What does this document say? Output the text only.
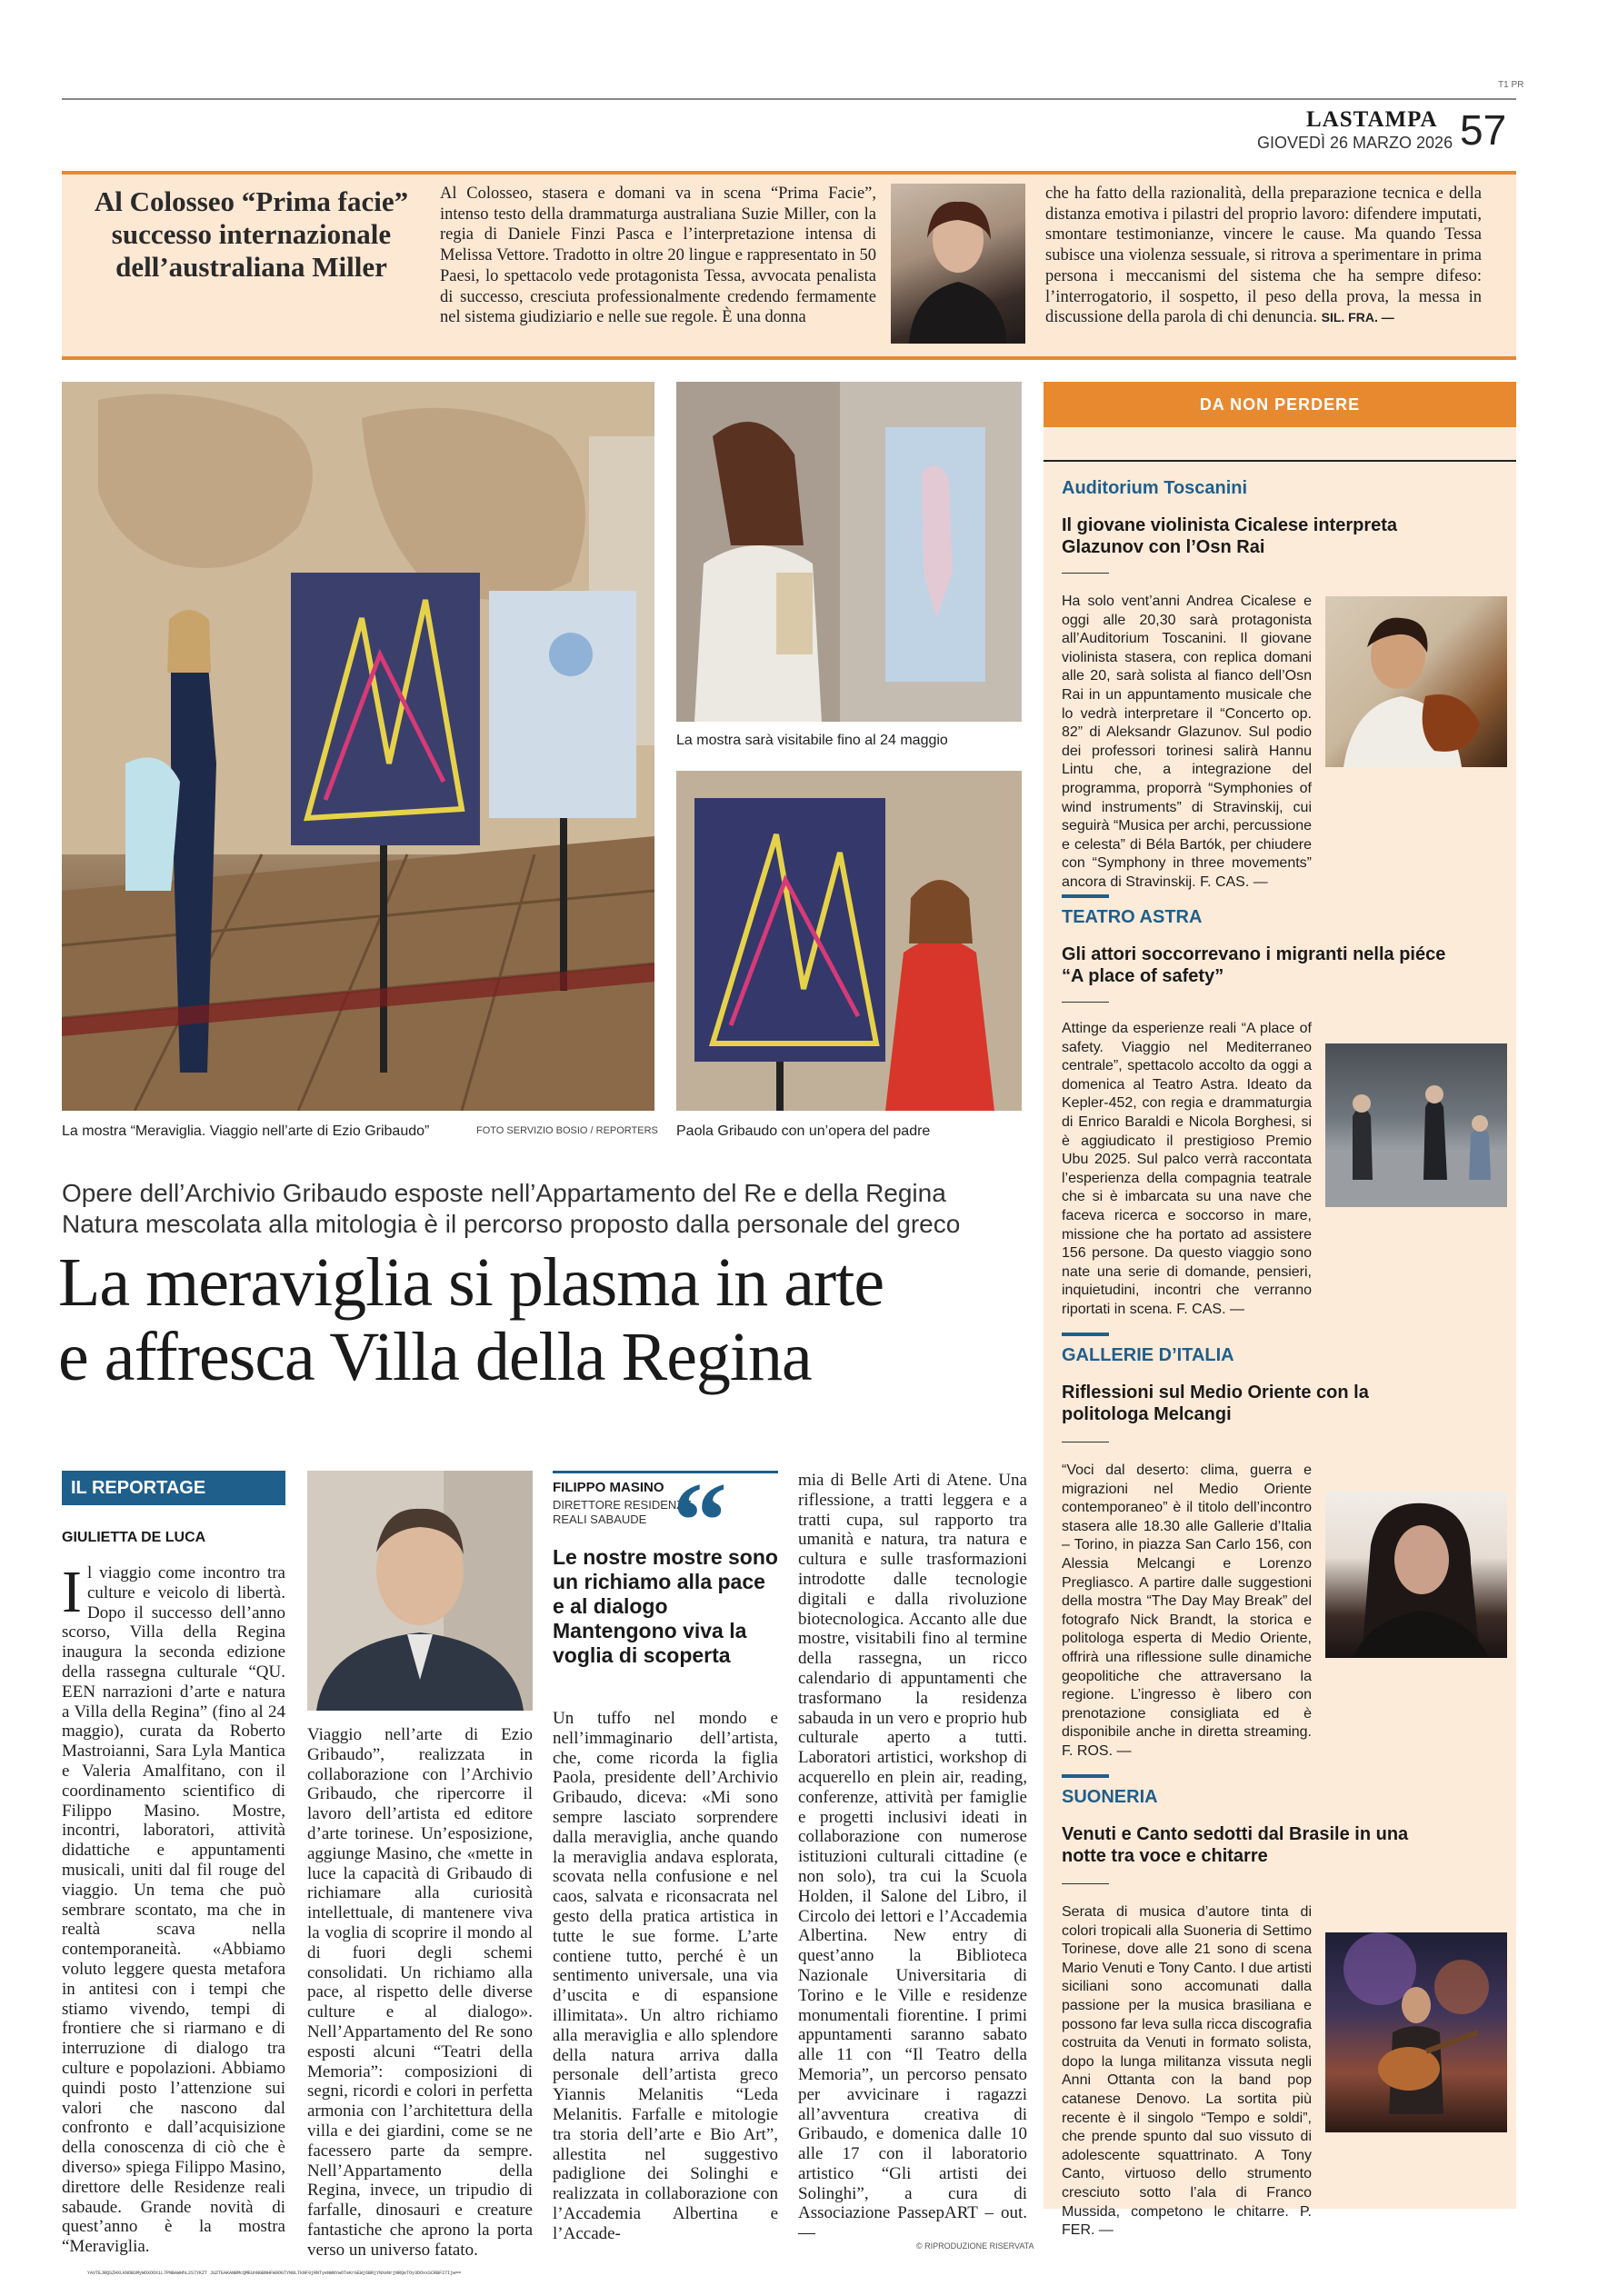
T1 PR
LASTAMPA
GIOVEDÌ 26 MARZO 2026 57
Al Colosseo “Prima facie” successo internazionale dell’australiana Miller
Al Colosseo, stasera e domani va in scena “Prima Facie”, intenso testo della drammaturga australiana Suzie Miller, con la regia di Daniele Finzi Pasca e l’interpretazione intensa di Melissa Vettore. Tradotto in oltre 20 lingue e rappresentato in 50 Paesi, lo spettacolo vede protagonista Tessa, avvocata penalista di successo, cresciuta professionalmente credendo fermamente nel sistema giudiziario e nelle sue regole. È una donna
che ha fatto della razionalità, della preparazione tecnica e della distanza emotiva i pilastri del proprio lavoro: difendere imputati, smontare testimonianze, vincere le cause. Ma quando Tessa subisce una violenza sessuale, si ritrova a sperimentare in prima persona i meccanismi del sistema che ha sempre difeso: l’interrogatorio, il sospetto, il peso della prova, la messa in discussione della parola di chi denuncia. SIL. FRA. —
La mostra “Meraviglia. Viaggio nell’arte di Ezio Gribaudo”	FOTO SERVIZIO BOSIO / REPORTERS
La mostra sarà visitabile fino al 24 maggio
Paola Gribaudo con un’opera del padre
Opere dell’Archivio Gribaudo esposte nell’Appartamento del Re e della Regina
Natura mescolata alla mitologia è il percorso proposto dalla personale del greco
La meraviglia si plasma in arte
e affresca Villa della Regina
IL REPORTAGE
GIULIETTA DE LUCA
Il viaggio come incontro tra culture e veicolo di libertà. Dopo il successo dell’anno scorso, Villa della Regina inaugura la seconda edizione della rassegna culturale “QU. EEN narrazioni d’arte e natura a Villa della Regina” (fino al 24 maggio), curata da Roberto Mastroianni, Sara Lyla Mantica e Valeria Amalfitano, con il coordinamento scientifico di Filippo Masino. Mostre, incontri, laboratori, attività didattiche e appuntamenti musicali, uniti dal fil rouge del viaggio. Un tema che può sembrare scontato, ma che in realtà scava nella contemporaneità. «Abbiamo voluto leggere questa metafora in antitesi con i tempi che stiamo vivendo, tempi di frontiere che si riarmano e di interruzione di dialogo tra culture e popolazioni. Abbiamo quindi posto l’attenzione sui valori che nascono dal confronto e dall’acquisizione della conoscenza di ciò che è diverso» spiega Filippo Masino, direttore delle Residenze reali sabaude. Grande novità di quest’anno è la mostra “Meraviglia.
Viaggio nell’arte di Ezio Gribaudo”, realizzata in collaborazione con l’Archivio Gribaudo, che ripercorre il lavoro dell’artista ed editore d’arte torinese. Un’esposizione, aggiunge Masino, che «mette in luce la capacità di Gribaudo di richiamare alla curiosità intellettuale, di mantenere viva la voglia di scoprire il mondo al di fuori degli schemi consolidati. Un richiamo alla pace, al rispetto delle diverse culture e al dialogo». Nell’Appartamento del Re sono esposti alcuni “Teatri della Memoria”: composizioni di segni, ricordi e colori in perfetta armonia con l’architettura della villa e dei giardini, come se ne facessero parte da sempre. Nell’Appartamento della Regina, invece, un tripudio di farfalle, dinosauri e creature fantastiche che aprono la porta verso un universo fatato.
FILIPPO MASINO
DIRETTORE RESIDENZE REALI SABAUDE “
Le nostre mostre sono un richiamo alla pace e al dialogo Mantengono viva la voglia di scoperta
Un tuffo nel mondo e nell’immaginario dell’artista, che, come ricorda la figlia Paola, presidente dell’Archivio Gribaudo, diceva: «Mi sono sempre lasciato sorprendere dalla meraviglia, anche quando la meraviglia andava esplorata, scovata nella confusione e nel caos, salvata e riconsacrata nel gesto della pratica artistica in tutte le sue forme. L’arte contiene tutto, perché è un sentimento universale, una via d’uscita e di espansione illimitata». Un altro richiamo alla meraviglia e allo splendore della natura arriva dalla personale dell’artista greco Yiannis Melanitis “Leda Melanitis. Farfalle e mitologie tra storia dell’arte e Bio Art”, allestita nel suggestivo padiglione dei Solinghi e realizzata in collaborazione con l’Accademia Albertina e l’Accade-
mia di Belle Arti di Atene. Una riflessione, a tratti leggera e a tratti cupa, sul rapporto tra umanità e natura, tra natura e cultura e sulle trasformazioni introdotte dalle tecnologie digitali e dalla rivoluzione biotecnologica. Accanto alle due mostre, visitabili fino al termine della rassegna, un ricco calendario di appuntamenti che trasformano la residenza sabauda in un vero e proprio hub culturale aperto a tutti. Laboratori artistici, workshop di acquerello en plein air, reading, conferenze, attività per famiglie e progetti inclusivi ideati in collaborazione con numerose istituzioni culturali cittadine (e non solo), tra cui la Scuola Holden, il Salone del Libro, il Circolo dei lettori e l’Accademia Albertina. New entry di quest’anno la Biblioteca Nazionale Universitaria di Torino e le Ville e residenze monumentali fiorentine. I primi appuntamenti saranno sabato alle 11 con “Il Teatro della Memoria”, un percorso pensato per avvicinare i ragazzi all’avventura creativa di Gribaudo, e domenica dalle 10 alle 17 con il laboratorio artistico “Gli artisti dei Solinghi”, a cura di Associazione PassepART – out. —
© RIPRODUZIONE RISERVATA
DA NON PERDERE
Auditorium Toscanini
Il giovane violinista Cicalese interpreta Glazunov con l’Osn Rai
Ha solo vent’anni Andrea Cicalese e oggi alle 20,30 sarà protagonista all’Auditorium Toscanini. Il giovane violinista stasera, con replica domani alle 20, sarà solista al fianco dell’Osn Rai in un appuntamento musicale che lo vedrà interpretare il “Concerto op. 82” di Aleksandr Glazunov. Sul podio dei professori torinesi salirà Hannu Lintu che, a integrazione del programma, proporrà “Symphonies of wind instruments” di Stravinskij, cui seguirà “Musica per archi, percussione e celesta” di Béla Bartók, per chiudere con “Symphony in three movements” ancora di Stravinskij. F. CAS. —
TEATRO ASTRA
Gli attori soccorrevano i migranti nella piéce “A place of safety”
Attinge da esperienze reali “A place of safety. Viaggio nel Mediterraneo centrale”, spettacolo accolto da oggi a domenica al Teatro Astra. Ideato da Kepler-452, con regia e drammaturgia di Enrico Baraldi e Nicola Borghesi, si è aggiudicato il prestigioso Premio Ubu 2025. Sul palco verrà raccontata l’esperienza della compagnia teatrale che si è imbarcata su una nave che faceva ricerca e soccorso in mare, missione che ha portato ad assistere 156 persone. Da questo viaggio sono nate una serie di domande, pensieri, inquietudini, incontri che verranno riportati in scena. F. CAS. —
GALLERIE D’ITALIA
Riflessioni sul Medio Oriente con la politologa Melcangi
“Voci dal deserto: clima, guerra e migrazioni nel Medio Oriente contemporaneo” è il titolo dell’incontro stasera alle 18.30 alle Gallerie d’Italia – Torino, in piazza San Carlo 156, con Alessia Melcangi e Lorenzo Pregliasco. A partire dalle suggestioni della mostra “The Day May Break” del fotografo Nick Brandt, la storica e politologa esperta di Medio Oriente, offrirà una riflessione sulle dinamiche geopolitiche che attraversano la regione. L’ingresso è libero con prenotazione consigliata ed è disponibile anche in diretta streaming. F. ROS. —
SUONERIA
Venuti e Canto sedotti dal Brasile in una notte tra voce e chitarre
Serata di musica d’autore tinta di colori tropicali alla Suoneria di Settimo Torinese, dove alle 21 sono di scena Mario Venuti e Tony Canto. I due artisti siciliani sono accomunati dalla passione per la musica brasiliana e possono far leva sulla ricca discografia costruita da Venuti in formato solista, dopo la lunga militanza vissuta negli Anni Ottanta con la band pop catanese Denovo. La sortita più recente è il singolo “Tempo e soldi”, che prende spunto dal suo vissuto di adolescente squattrinato. A Tony Canto, virtuoso dello strumento cresciuto sotto l’ala di Franco Mussida, competono le chitarre. P. FER. —
YAVTEJRQSZHXLKNOBSMyWOXOOXiL7PNBAWHhL2S7YKZT JUZTEAKANBMcQMEUnNGBNHFW9OGTYN0LTkNF9jRNTyeNWNYwOTeKrGEWj6BRjYNXeNrjNRQeTOy3DOxxSCRBF27Ijw==
